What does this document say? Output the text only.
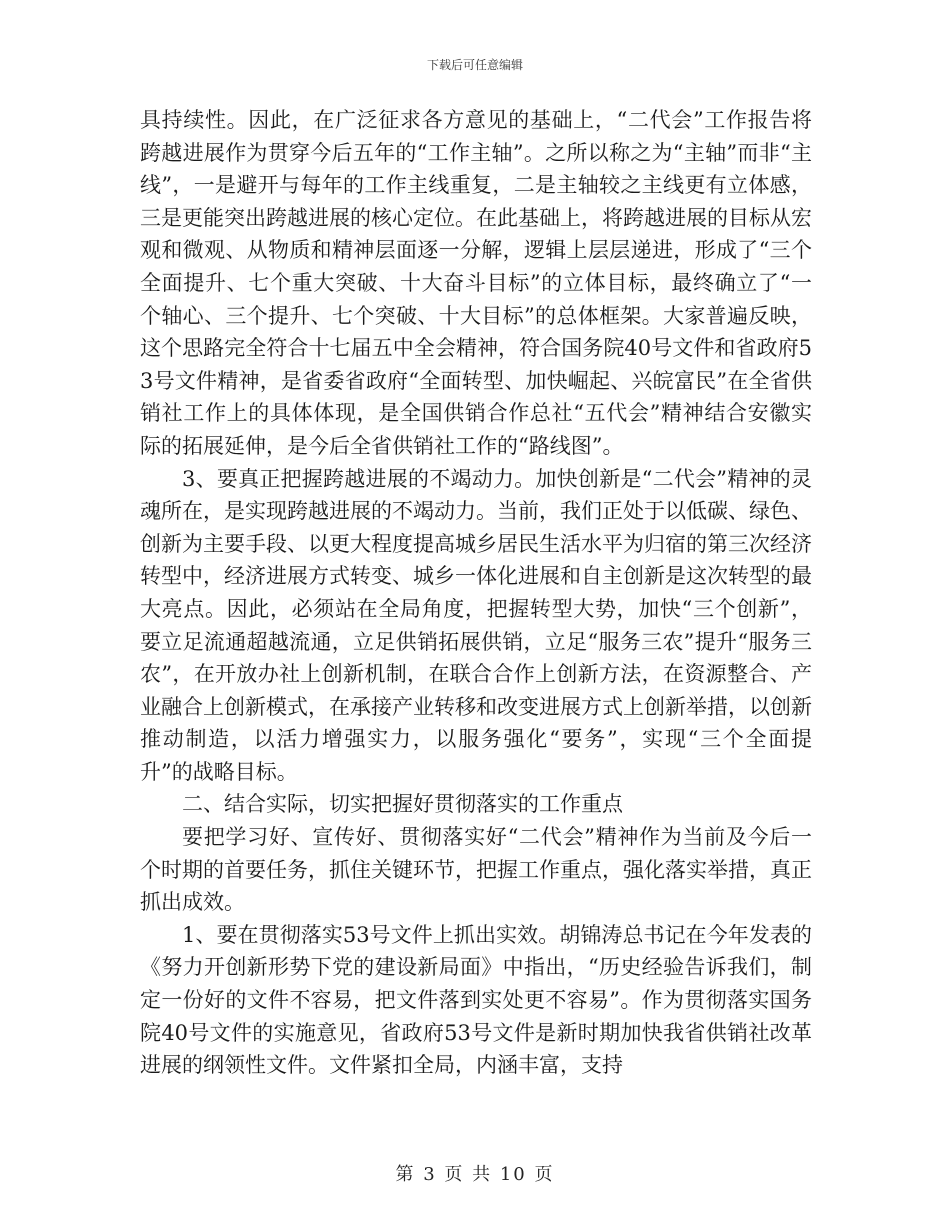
下载后可任意编辑

具持续性。因此，在广泛征求各方意见的基础上，“二代会”工作报告将跨越进展作为贯穿今后五年的“工作主轴”。之所以称之为“主轴”而非“主线”，一是避开与每年的工作主线重复，二是主轴较之主线更有立体感，三是更能突出跨越进展的核心定位。在此基础上，将跨越进展的目标从宏观和微观、从物质和精神层面逐一分解，逻辑上层层递进，形成了“三个全面提升、七个重大突破、十大奋斗目标”的立体目标，最终确立了“一个轴心、三个提升、七个突破、十大目标”的总体框架。大家普遍反映，这个思路完全符合十七届五中全会精神，符合国务院40号文件和省政府53号文件精神，是省委省政府“全面转型、加快崛起、兴皖富民”在全省供销社工作上的具体体现，是全国供销合作总社“五代会”精神结合安徽实际的拓展延伸，是今后全省供销社工作的“路线图”。

3、要真正把握跨越进展的不竭动力。加快创新是“二代会”精神的灵魂所在，是实现跨越进展的不竭动力。当前，我们正处于以低碳、绿色、创新为主要手段、以更大程度提高城乡居民生活水平为归宿的第三次经济转型中，经济进展方式转变、城乡一体化进展和自主创新是这次转型的最大亮点。因此，必须站在全局角度，把握转型大势，加快“三个创新”，要立足流通超越流通，立足供销拓展供销，立足“服务三农”提升“服务三农”，在开放办社上创新机制，在联合合作上创新方法，在资源整合、产业融合上创新模式，在承接产业转移和改变进展方式上创新举措，以创新推动制造，以活力增强实力，以服务强化“要务”，实现“三个全面提升”的战略目标。

二、结合实际，切实把握好贯彻落实的工作重点

要把学习好、宣传好、贯彻落实好“二代会”精神作为当前及今后一个时期的首要任务，抓住关键环节，把握工作重点，强化落实举措，真正抓出成效。

1、要在贯彻落实53号文件上抓出实效。胡锦涛总书记在今年发表的《努力开创新形势下党的建设新局面》中指出，“历史经验告诉我们，制定一份好的文件不容易，把文件落到实处更不容易”。作为贯彻落实国务院40号文件的实施意见，省政府53号文件是新时期加快我省供销社改革进展的纲领性文件。文件紧扣全局，内涵丰富，支持

第 3 页 共 10 页
